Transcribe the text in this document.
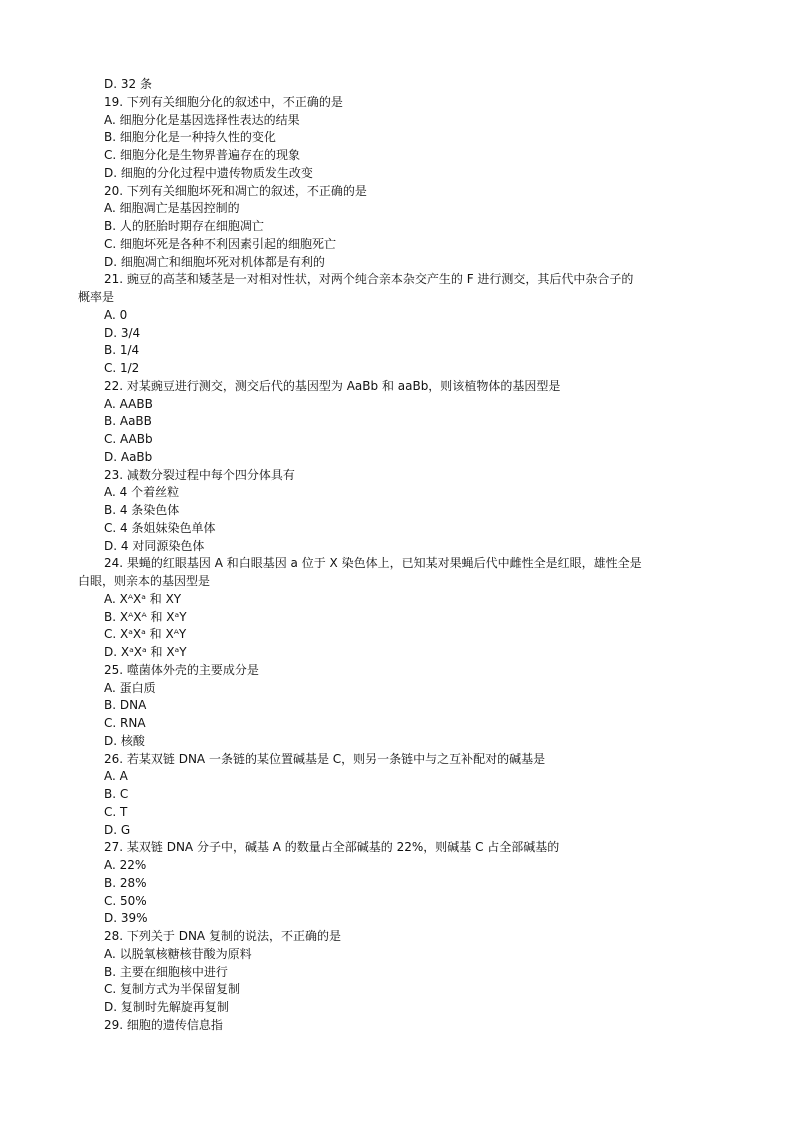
D. 32 条
19. 下列有关细胞分化的叙述中，不正确的是
A. 细胞分化是基因选择性表达的结果
B. 细胞分化是一种持久性的变化
C. 细胞分化是生物界普遍存在的现象
D. 细胞的分化过程中遗传物质发生改变
20. 下列有关细胞坏死和凋亡的叙述，不正确的是
A. 细胞凋亡是基因控制的
B. 人的胚胎时期存在细胞凋亡
C. 细胞坏死是各种不利因素引起的细胞死亡
D. 细胞凋亡和细胞坏死对机体都是有利的
21. 豌豆的高茎和矮茎是一对相对性状，对两个纯合亲本杂交产生的 F 进行测交，其后代中杂合子的
概率是
A. 0
D. 3/4
B. 1/4
C. 1/2
22. 对某豌豆进行测交，测交后代的基因型为 AaBb 和 aaBb，则该植物体的基因型是
A. AABB
B. AaBB
C. AABb
D. AaBb
23. 减数分裂过程中每个四分体具有
A. 4 个着丝粒
B. 4 条染色体
C. 4 条姐妹染色单体
D. 4 对同源染色体
24. 果蝇的红眼基因 A 和白眼基因 a 位于 X 染色体上，已知某对果蝇后代中雌性全是红眼，雄性全是
白眼，则亲本的基因型是
A. XᴬXᵃ 和 XY
B. XᴬXᴬ 和 XᵃY
C. XᵃXᵃ 和 XᴬY
D. XᵃXᵃ 和 XᵃY
25. 噬菌体外壳的主要成分是
A. 蛋白质
B. DNA
C. RNA
D. 核酸
26. 若某双链 DNA 一条链的某位置碱基是 C，则另一条链中与之互补配对的碱基是
A. A
B. C
C. T
D. G
27. 某双链 DNA 分子中，碱基 A 的数量占全部碱基的 22%，则碱基 C 占全部碱基的
A. 22%
B. 28%
C. 50%
D. 39%
28. 下列关于 DNA 复制的说法，不正确的是
A. 以脱氧核糖核苷酸为原料
B. 主要在细胞核中进行
C. 复制方式为半保留复制
D. 复制时先解旋再复制
29. 细胞的遗传信息指
